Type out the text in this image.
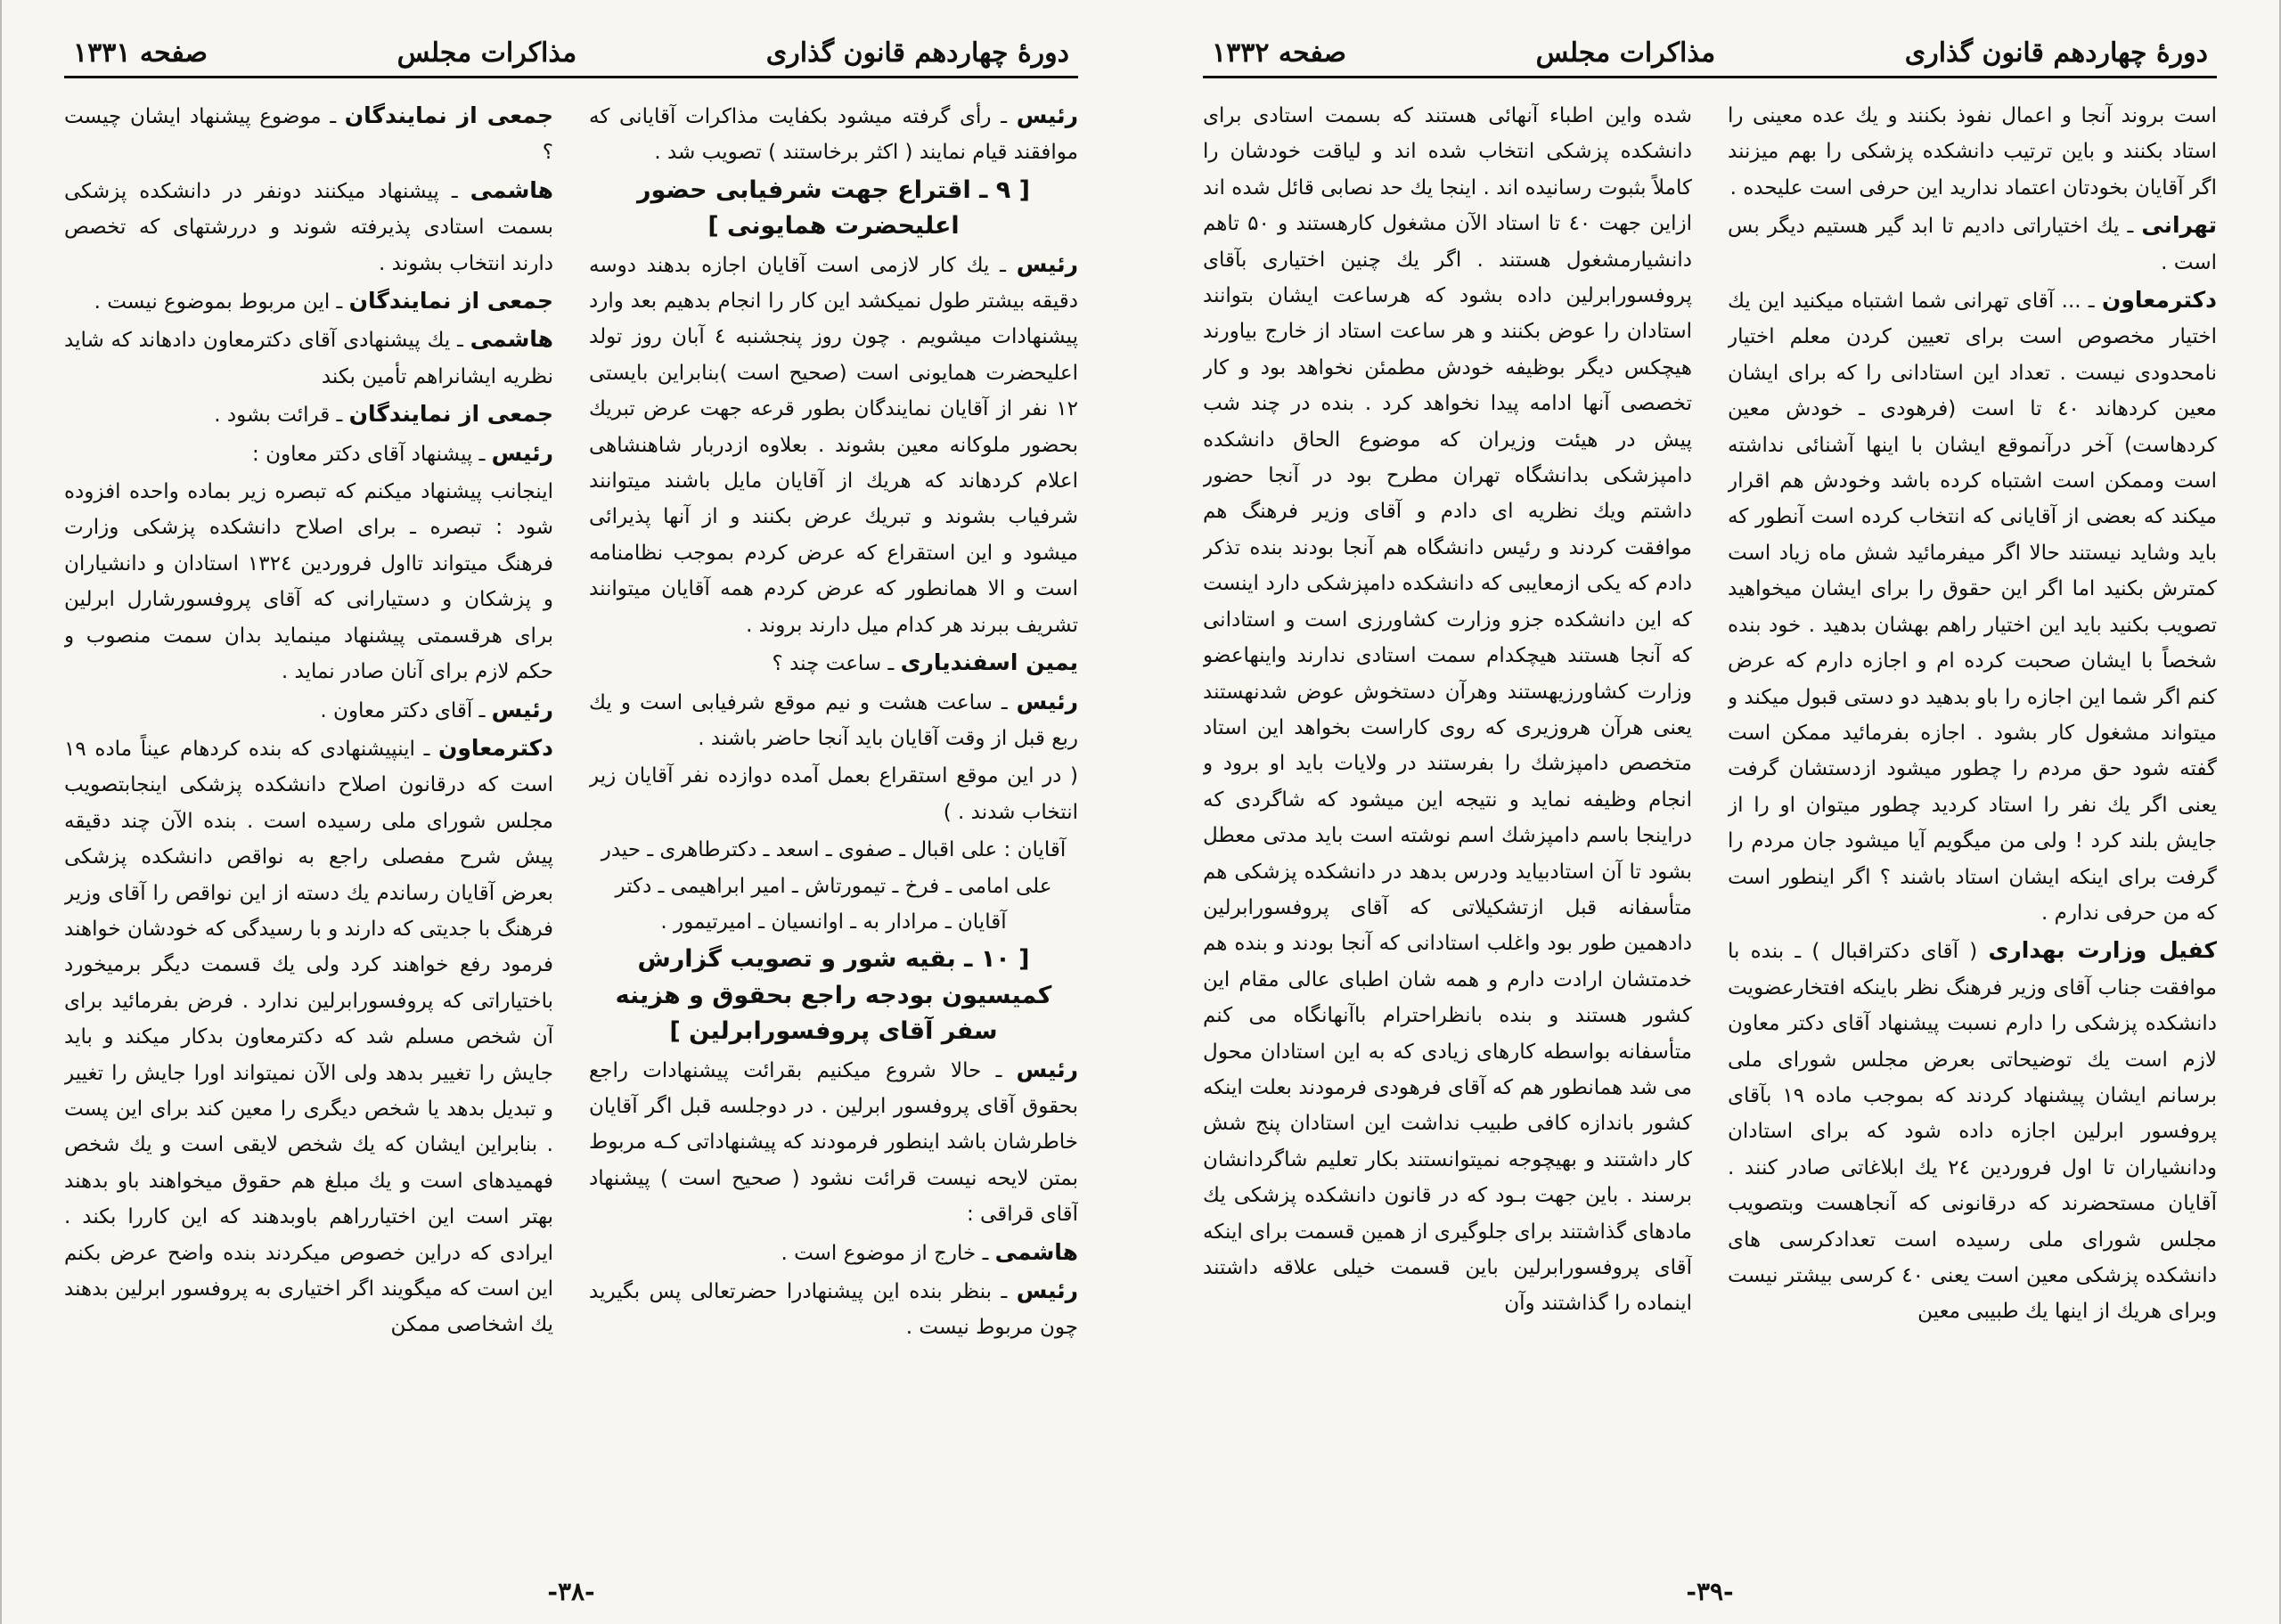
دورهٔ چهاردهم قانون گذاری
مذاکرات مجلس
صفحه ۱۳۳۱

رئیس ـ رأی گرفته میشود بکفایت مذاکرات آقایانی که موافقند قیام نمایند ( اکثر برخاستند ) تصویب شد .

[ ۹ ـ اقتراع جهت شرفیابی حضور اعلیحضرت همایونی ]

رئیس ـ یك كار لازمی است آقایان اجازه بدهند دوسه دقیقه بیشتر طول نمیکشد این کار را انجام بدهیم بعد وارد پیشنهادات میشویم . چون روز پنجشنبه ٤ آبان روز تولد اعلیحضرت همایونی است (صحیح است )بنابراین بایستی ۱۲ نفر از آقایان نمایندگان بطور قرعه جهت عرض تبریك بحضور ملوکانه معین بشوند . بعلاوه ازدربار شاهنشاهی اعلام کردهاند که هریك از آقایان مایل باشند میتوانند شرفیاب بشوند و تبریك عرض بکنند و از آنها پذیرائی میشود و این استقراع که عرض کردم بموجب نظامنامه است و الا همانطور که عرض کردم همه آقایان میتوانند تشریف ببرند هر کدام میل دارند بروند .

یمین اسفندیاری ـ ساعت چند ؟

رئیس ـ ساعت هشت و نیم موقع شرفیابی است و یك ربع قبل از وقت آقایان باید آنجا حاضر باشند .

( در این موقع استقراع بعمل آمده دوازده نفر آقایان زیر انتخاب شدند . )

آقایان : علی اقبال ـ صفوی ـ اسعد ـ دکترطاهری ـ حیدر علی امامی ـ فرخ ـ تیمورتاش ـ امیر ابراهیمی ـ دکتر آقایان ـ مرادار به ـ اوانسیان ـ امیرتیمور .

[ ۱۰ ـ بقیه شور و تصویب گزارش کمیسیون بودجه راجع بحقوق و هزینه سفر آقای پروفسورابرلین ]

رئیس ـ حالا شروع میکنیم بقرائت پیشنهادات راجع بحقوق آقای پروفسور ابرلین . در دوجلسه قبل اگر آقایان خاطرشان باشد اینطور فرمودند که پیشنهاداتی کـه مربوط بمتن لایحه نیست قرائت نشود ( صحیح است ) پیشنهاد آقای قراقی :

هاشمی ـ خارج از موضوع است .

رئیس ـ بنظر بنده این پیشنهادرا حضرتعالی پس بگیرید چون مربوط نیست .

جمعی از نمایندگان ـ موضوع پیشنهاد ایشان چیست ؟

هاشمی ـ پیشنهاد میکنند دونفر در دانشکده پزشکی بسمت استادی پذیرفته شوند و دررشتهای که تخصص دارند انتخاب بشوند .

جمعی از نمایندگان ـ این مربوط بموضوع نیست .

هاشمی ـ یك پیشنهادی آقای دکترمعاون دادهاند که شاید نظریه ایشانراهم تأمین بکند

جمعی از نمایندگان ـ قرائت بشود .

رئیس ـ پیشنهاد آقای دکتر معاون :

اینجانب پیشنهاد میکنم که تبصره زیر بماده واحده افزوده شود : تبصره ـ برای اصلاح دانشکده پزشکی وزارت فرهنگ میتواند تااول فروردین ۱۳۲٤ استادان و دانشیاران و پزشکان و دستیارانی که آقای پروفسورشارل ابرلین برای هرقسمتی پیشنهاد مینماید بدان سمت منصوب و حکم لازم برای آنان صادر نماید .

رئیس ـ آقای دکتر معاون .

دکترمعاون ـ اینپیشنهادی که بنده کردهام عیناً ماده ۱۹ است که درقانون اصلاح دانشکده پزشکی اینجابتصویب مجلس شورای ملی رسیده است . بنده الآن چند دقیقه پیش شرح مفصلی راجع به نواقص دانشکده پزشکی بعرض آقایان رساندم یك دسته از این نواقص را آقای وزیر فرهنگ با جدیتی که دارند و با رسیدگی که خودشان خواهند فرمود رفع خواهند کرد ولی یك قسمت دیگر برمیخورد باختیاراتی که پروفسورابرلین ندارد . فرض بفرمائید برای آن شخص مسلم شد که دکترمعاون بدکار میکند و باید جایش را تغییر بدهد ولی الآن نمیتواند اورا جایش را تغییر و تبدیل بدهد یا شخص دیگری را معین کند برای این پست . بنابراین ایشان که یك شخص لایقی است و یك شخص فهمیدهای است و یك مبلغ هم حقوق میخواهند باو بدهند بهتر است این اختیارراهم باوبدهند که این کاررا بکند . ایرادی که دراین خصوص میکردند بنده واضح عرض بکنم این است که میگویند اگر اختیاری به پروفسور ابرلین بدهند یك اشخاصی ممکن

-۳۸-
دورهٔ چهاردهم قانون گذاری
مذاکرات مجلس
صفحه ۱۳۳۲

است بروند آنجا و اعمال نفوذ بکنند و یك عده معینی را استاد بکنند و باین ترتیب دانشکده پزشکی را بهم میزنند اگر آقایان بخودتان اعتماد ندارید این حرفی است علیحده .

تهرانی ـ یك اختیاراتی دادیم تا ابد گیر هستیم دیگر بس است .

دکترمعاون ـ ... آقای تهرانی شما اشتباه میکنید این یك اختیار مخصوص است برای تعیین کردن معلم اختیار نامحدودی نیست . تعداد این استادانی را که برای ایشان معین کردهاند ٤۰ تا است (فرهودی ـ خودش معین کردهاست) آخر درآنموقع ایشان با اینها آشنائی نداشته است وممکن است اشتباه کرده باشد وخودش هم اقرار میکند که بعضی از آقایانی که انتخاب کرده است آنطور که باید وشاید نیستند حالا اگر میفرمائید شش ماه زیاد است کمترش بکنید اما اگر این حقوق را برای ایشان میخواهید تصویب بکنید باید این اختیار راهم بهشان بدهید . خود بنده شخصاً با ایشان صحبت کرده ام و اجازه دارم که عرض کنم اگر شما این اجازه را باو بدهید دو دستی قبول میکند و میتواند مشغول کار بشود . اجازه بفرمائید ممکن است گفته شود حق مردم را چطور میشود ازدستشان گرفت یعنی اگر یك نفر را استاد کردید چطور میتوان او را از جایش بلند کرد ! ولی من میگویم آیا میشود جان مردم را گرفت برای اینکه ایشان استاد باشند ؟ اگر اینطور است که من حرفی ندارم .

کفیل وزارت بهداری ( آقای دکتراقبال ) ـ بنده با موافقت جناب آقای وزیر فرهنگ نظر باینکه افتخارعضویت دانشکده پزشکی را دارم نسبت پیشنهاد آقای دکتر معاون لازم است یك توضیحاتی بعرض مجلس شورای ملی برسانم ایشان پیشنهاد کردند که بموجب ماده ۱۹ بآقای پروفسور ابرلین اجازه داده شود که برای استادان ودانشیاران تا اول فروردین ۲٤ یك ابلاغاتی صادر کنند . آقایان مستحضرند که درقانونی که آنجاهست وبتصویب مجلس شورای ملی رسیده است تعدادکرسی های دانشکده پزشکی معین است یعنی ٤۰ کرسی بیشتر نیست وبرای هریك از اینها یك طبیبی معین

شده واین اطباء آنهائی هستند که بسمت استادی برای دانشکده پزشکی انتخاب شده اند و لیاقت خودشان را کاملاً بثبوت رسانیده اند . اینجا یك حد نصابی قائل شده اند ازاین جهت ٤۰ تا استاد الآن مشغول کارهستند و ۵۰ تاهم دانشیارمشغول هستند . اگر یك چنین اختیاری بآقای پروفسورابرلین داده بشود که هرساعت ایشان بتوانند استادان را عوض بکنند و هر ساعت استاد از خارج بیاورند هیچکس دیگر بوظیفه خودش مطمئن نخواهد بود و کار تخصصی آنها ادامه پیدا نخواهد کرد . بنده در چند شب پیش در هیئت وزیران که موضوع الحاق دانشکده دامپزشکی بدانشگاه تهران مطرح بود در آنجا حضور داشتم ویك نظریه ای دادم و آقای وزیر فرهنگ هم موافقت کردند و رئیس دانشگاه هم آنجا بودند بنده تذکر دادم که یکی ازمعایبی که دانشکده دامپزشکی دارد اینست که این دانشکده جزو وزارت کشاورزی است و استادانی که آنجا هستند هیچکدام سمت استادی ندارند واینهاعضو وزارت کشاورزیهستند وهرآن دستخوش عوض شدنهستند یعنی هرآن هروزیری که روی کاراست بخواهد این استاد متخصص دامپزشك را بفرستند در ولایات باید او برود و انجام وظیفه نماید و نتیجه این میشود که شاگردی که دراینجا باسم دامپزشك اسم نوشته است باید مدتی معطل بشود تا آن استادبیاید ودرس بدهد در دانشکده پزشکی هم متأسفانه قبل ازتشکیلاتی که آقای پروفسورابرلین دادهمین طور بود واغلب استادانی که آنجا بودند و بنده هم خدمتشان ارادت دارم و همه شان اطبای عالی مقام این کشور هستند و بنده بانظراحترام باآنهانگاه می کنم متأسفانه بواسطه کارهای زیادی که به این استادان محول می شد همانطور هم که آقای فرهودی فرمودند بعلت اینکه کشور باندازه کافی طبیب نداشت این استادان پنج شش کار داشتند و بهیچوجه نمیتوانستند بکار تعلیم شاگردانشان برسند . باین جهت بـود که در قانون دانشکده پزشکی یك مادهای گذاشتند برای جلوگیری از همین قسمت برای اینکه آقای پروفسورابرلین باین قسمت خیلی علاقه داشتند اینماده را گذاشتند وآن

-۳۹-
